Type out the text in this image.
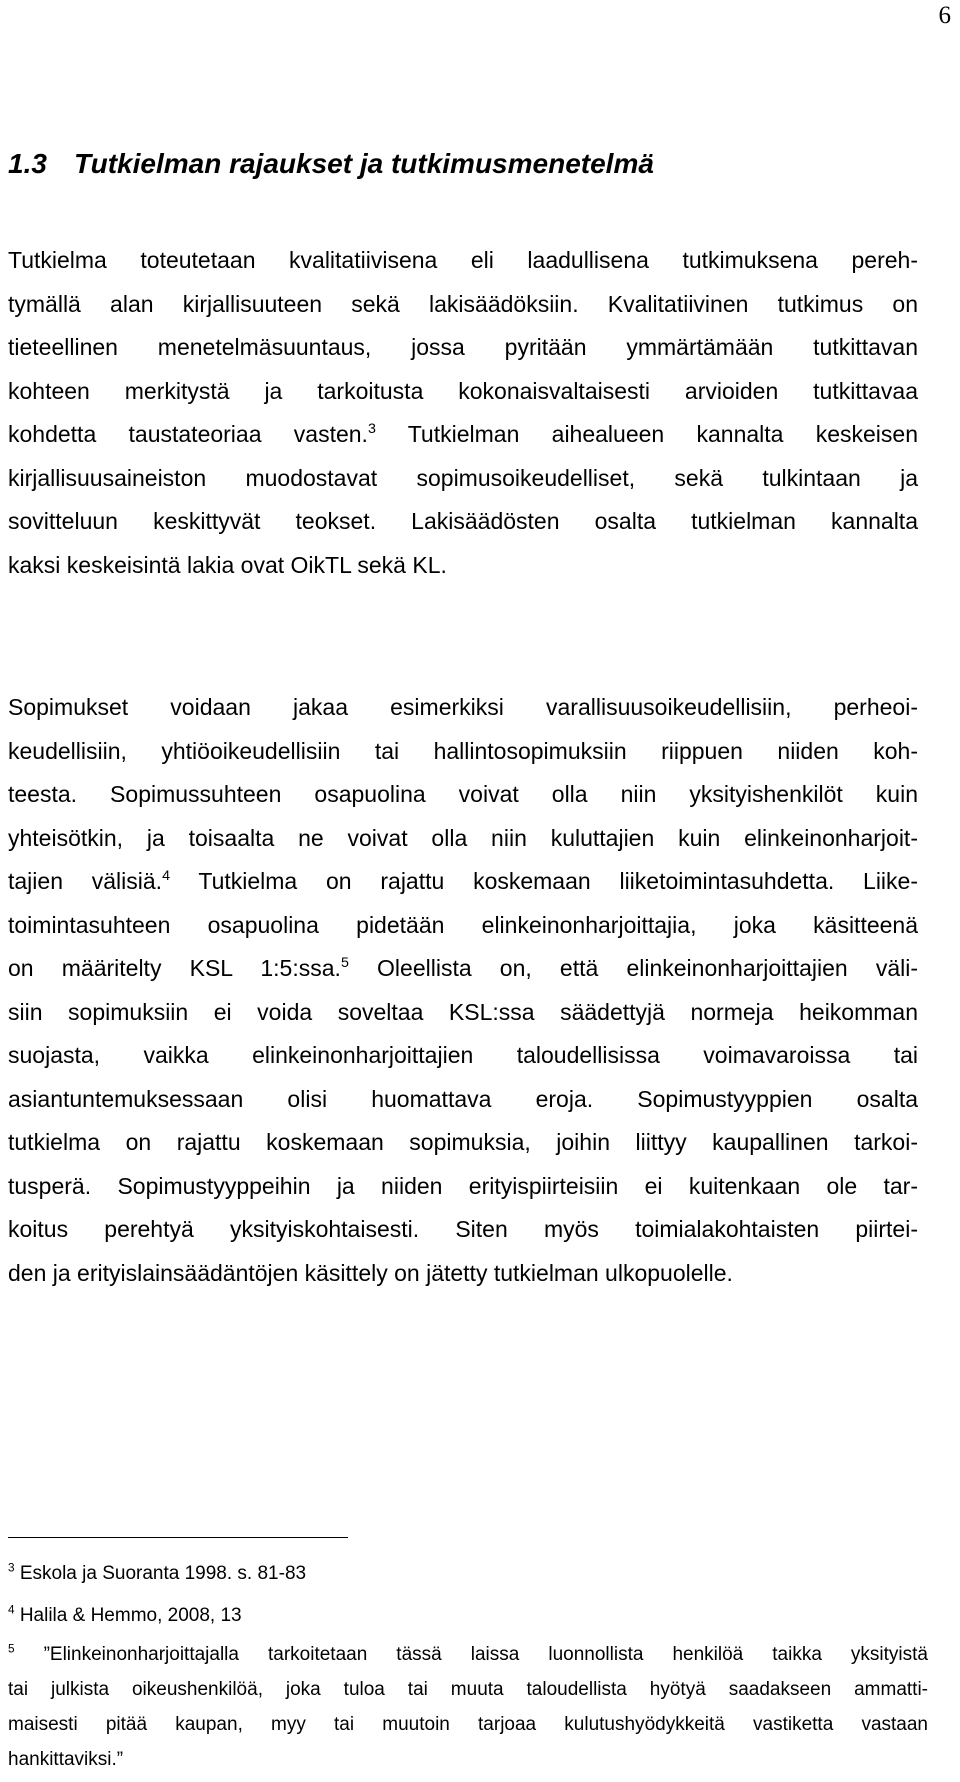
6
1.3 Tutkielman rajaukset ja tutkimusmenetelmä
Tutkielma toteutetaan kvalitatiivisena eli laadullisena tutkimuksena pereh-
tymällä alan kirjallisuuteen sekä lakisäädöksiin. Kvalitatiivinen tutkimus on
tieteellinen menetelmäsuuntaus, jossa pyritään ymmärtämään tutkittavan
kohteen merkitystä ja tarkoitusta kokonaisvaltaisesti arvioiden tutkittavaa
kohdetta taustateoriaa vasten.$^3$ Tutkielman aihealueen kannalta keskeisen
kirjallisuusaineiston muodostavat sopimusoikeudelliset, sekä tulkintaan ja
sovitteluun keskittyvät teokset. Lakisäädösten osalta tutkielman kannalta
kaksi keskeisintä lakia ovat OikTL sekä KL.
Sopimukset voidaan jakaa esimerkiksi varallisuusoikeudellisiin, perheoi-
keudellisiin, yhtiöoikeudellisiin tai hallintosopimuksiin riippuen niiden koh-
teesta. Sopimussuhteen osapuolina voivat olla niin yksityishenkilöt kuin
yhteisötkin, ja toisaalta ne voivat olla niin kuluttajien kuin elinkeinonharjoit-
tajien välisiä.$^4$ Tutkielma on rajattu koskemaan liiketoimintasuhdetta. Liike-
toimintasuhteen osapuolina pidetään elinkeinonharjoittajia, joka käsitteenä
on määritelty KSL 1:5:ssa.$^5$ Oleellista on, että elinkeinonharjoittajien väli-
siin sopimuksiin ei voida soveltaa KSL:ssa säädettyjä normeja heikomman
suojasta, vaikka elinkeinonharjoittajien taloudellisissa voimavaroissa tai
asiantuntemuksessaan olisi huomattava eroja. Sopimustyyppien osalta
tutkielma on rajattu koskemaan sopimuksia, joihin liittyy kaupallinen tarkoi-
tusperä. Sopimustyyppeihin ja niiden erityispiirteisiin ei kuitenkaan ole tar-
koitus perehtyä yksityiskohtaisesti. Siten myös toimialakohtaisten piirtei-
den ja erityislainsäädäntöjen käsittely on jätetty tutkielman ulkopuolelle.

$^3$ Eskola ja Suoranta 1998. s. 81-83

$^4$ Halila & Hemmo, 2008, 13

$^5$ ”Elinkeinonharjoittajalla tarkoitetaan tässä laissa luonnollista henkilöä taikka yksityistä
tai julkista oikeushenkilöä, joka tuloa tai muuta taloudellista hyötyä saadakseen ammatti-
maisesti pitää kaupan, myy tai muutoin tarjoaa kulutushyödykkeitä vastiketta vastaan
hankittaviksi.”
